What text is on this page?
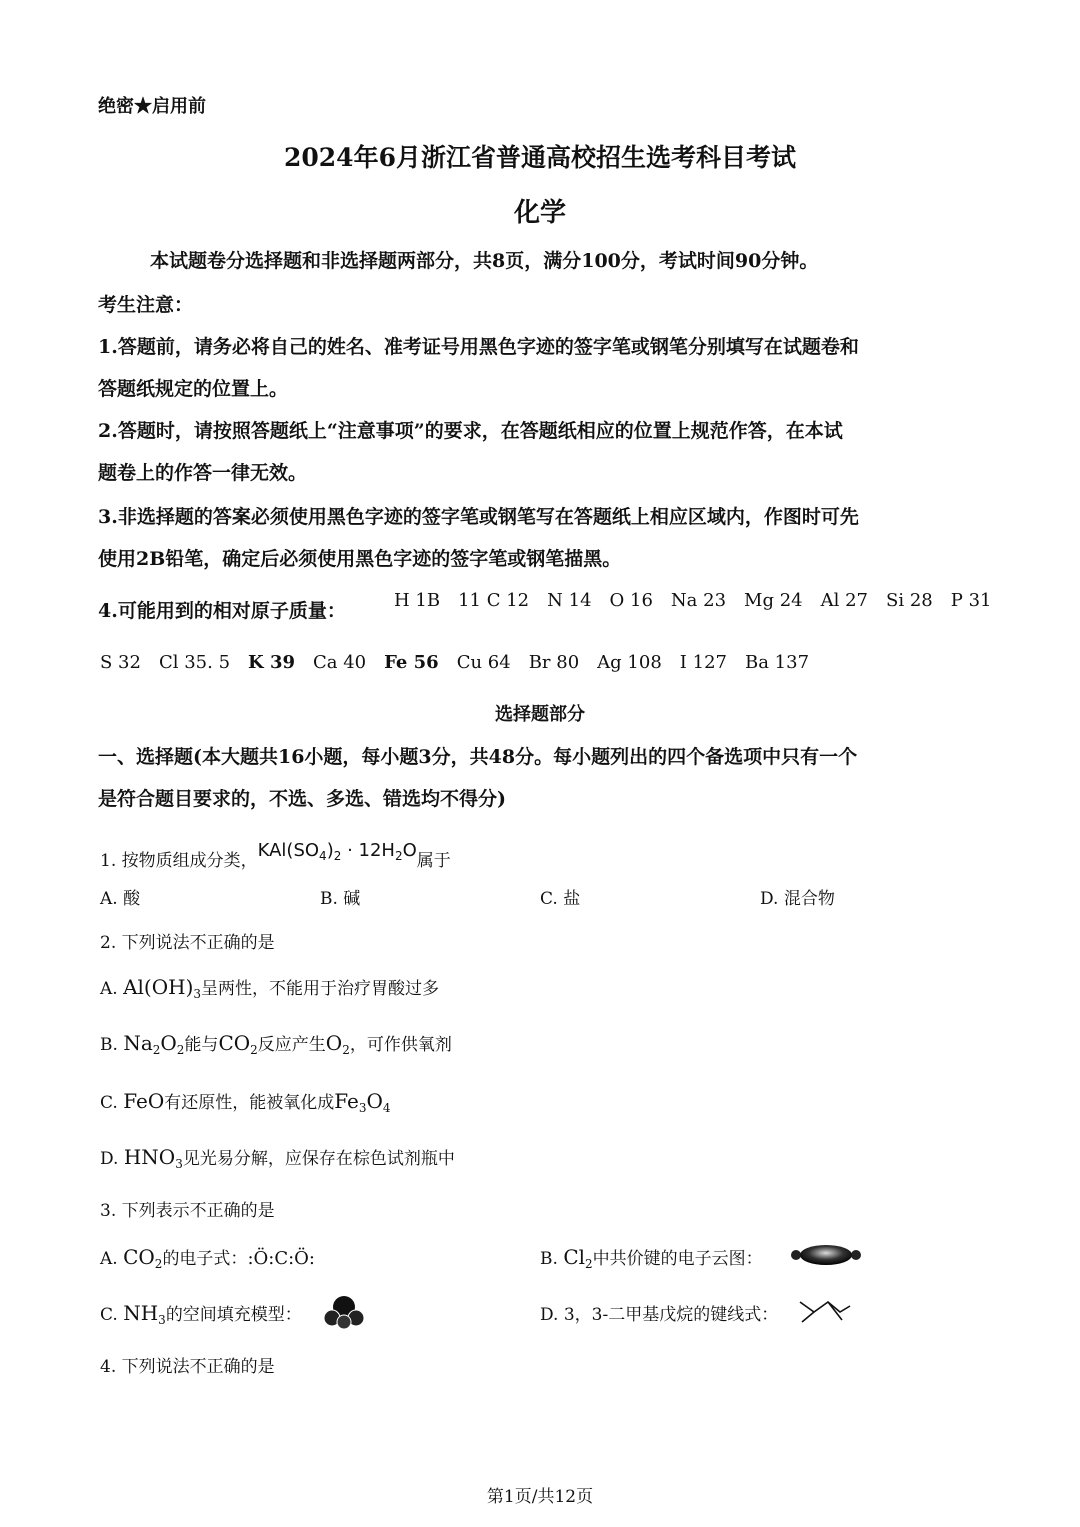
绝密★启用前
2024年6月浙江省普通高校招生选考科目考试
化学
本试题卷分选择题和非选择题两部分，共8页，满分100分，考试时间90分钟。
考生注意：
1.答题前，请务必将自己的姓名、准考证号用黑色字迹的签字笔或钢笔分别填写在试题卷和
答题纸规定的位置上。
2.答题时，请按照答题纸上“注意事项”的要求，在答题纸相应的位置上规范作答，在本试
题卷上的作答一律无效。
3.非选择题的答案必须使用黑色字迹的签字笔或钢笔写在答题纸上相应区域内，作图时可先
使用2B铅笔，确定后必须使用黑色字迹的签字笔或钢笔描黑。
4.可能用到的相对原子质量：	H 1B 11 C 12 N 14 O 16 Na 23 Mg 24 Al 27 Si 28 P 31
S 32 Cl 35. 5 K 39 Ca 40 Fe 56 Cu 64 Br 80 Ag 108 I 127 Ba 137
选择题部分
一、选择题(本大题共16小题，每小题3分，共48分。每小题列出的四个备选项中只有一个
是符合题目要求的，不选、多选、错选均不得分)
1. 按物质组成分类，$KAl(SO_4)_2 \cdot 12H_2O$属于
A. 酸	B. 碱	C. 盐	D. 混合物
2. 下列说法不正确的是
A. $Al(OH)_3$呈两性，不能用于治疗胃酸过多
B. $Na_2O_2$能与$CO_2$反应产生$O_2$，可作供氧剂
C. FeO有还原性，能被氧化成$Fe_3O_4$
D. $HNO_3$见光易分解，应保存在棕色试剂瓶中
3. 下列表示不正确的是
A. $CO_2$的电子式：:Ö:C:Ö:	B. $Cl_2$中共价键的电子云图：
C. $NH_3$的空间填充模型：	D. 3，3-二甲基戊烷的键线式：
4. 下列说法不正确的是
第1页/共12页
